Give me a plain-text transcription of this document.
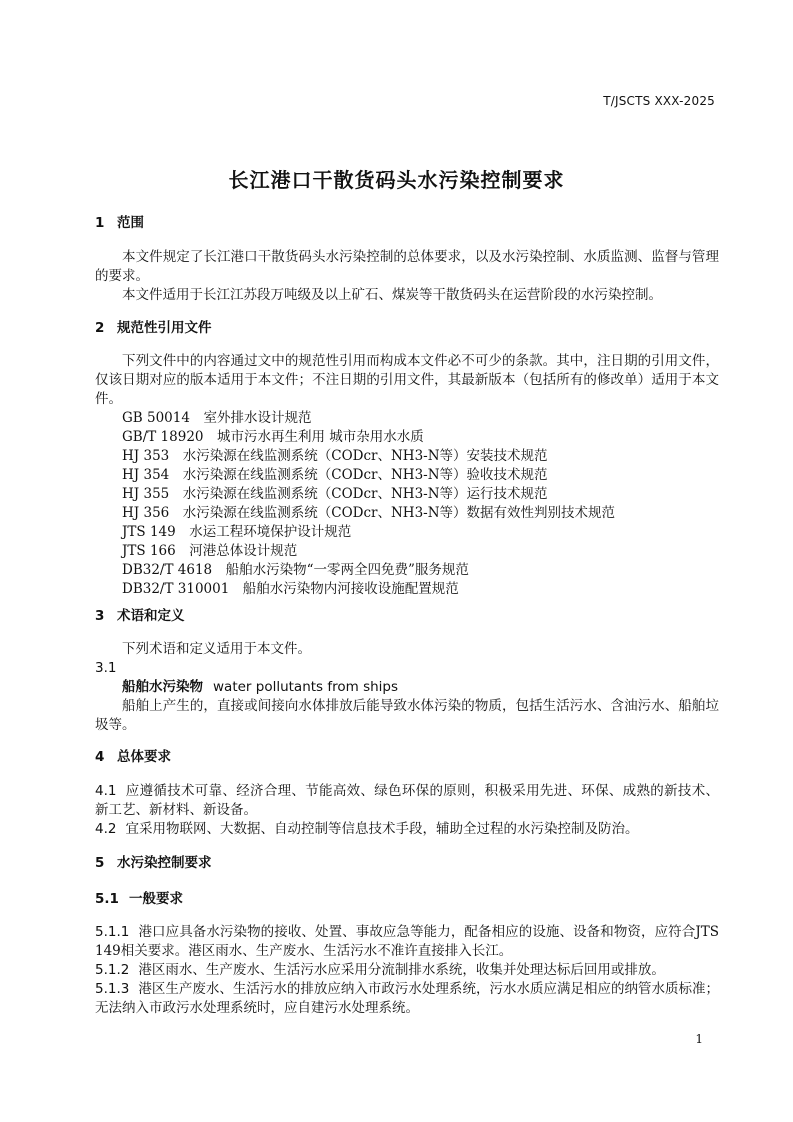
T/JSCTS XXX-2025
长江港口干散货码头水污染控制要求
1 范围
本文件规定了长江港口干散货码头水污染控制的总体要求，以及水污染控制、水质监测、监督与管理的要求。
本文件适用于长江江苏段万吨级及以上矿石、煤炭等干散货码头在运营阶段的水污染控制。
2 规范性引用文件
下列文件中的内容通过文中的规范性引用而构成本文件必不可少的条款。其中，注日期的引用文件，仅该日期对应的版本适用于本文件；不注日期的引用文件，其最新版本（包括所有的修改单）适用于本文件。
GB 50014　室外排水设计规范
GB/T 18920　城市污水再生利用 城市杂用水水质
HJ 353　水污染源在线监测系统（CODcr、NH3-N等）安装技术规范
HJ 354　水污染源在线监测系统（CODcr、NH3-N等）验收技术规范
HJ 355　水污染源在线监测系统（CODcr、NH3-N等）运行技术规范
HJ 356　水污染源在线监测系统（CODcr、NH3-N等）数据有效性判别技术规范
JTS 149　水运工程环境保护设计规范
JTS 166　河港总体设计规范
DB32/T 4618　船舶水污染物“一零两全四免费”服务规范
DB32/T 310001　船舶水污染物内河接收设施配置规范
3 术语和定义
下列术语和定义适用于本文件。
3.1
船舶水污染物 water pollutants from ships
船舶上产生的，直接或间接向水体排放后能导致水体污染的物质，包括生活污水、含油污水、船舶垃圾等。
4 总体要求
4.1 应遵循技术可靠、经济合理、节能高效、绿色环保的原则，积极采用先进、环保、成熟的新技术、新工艺、新材料、新设备。
4.2 宜采用物联网、大数据、自动控制等信息技术手段，辅助全过程的水污染控制及防治。
5 水污染控制要求
5.1 一般要求
5.1.1 港口应具备水污染物的接收、处置、事故应急等能力，配备相应的设施、设备和物资，应符合JTS 149相关要求。港区雨水、生产废水、生活污水不准许直接排入长江。
5.1.2 港区雨水、生产废水、生活污水应采用分流制排水系统，收集并处理达标后回用或排放。
5.1.3 港区生产废水、生活污水的排放应纳入市政污水处理系统，污水水质应满足相应的纳管水质标准；无法纳入市政污水处理系统时，应自建污水处理系统。
1
